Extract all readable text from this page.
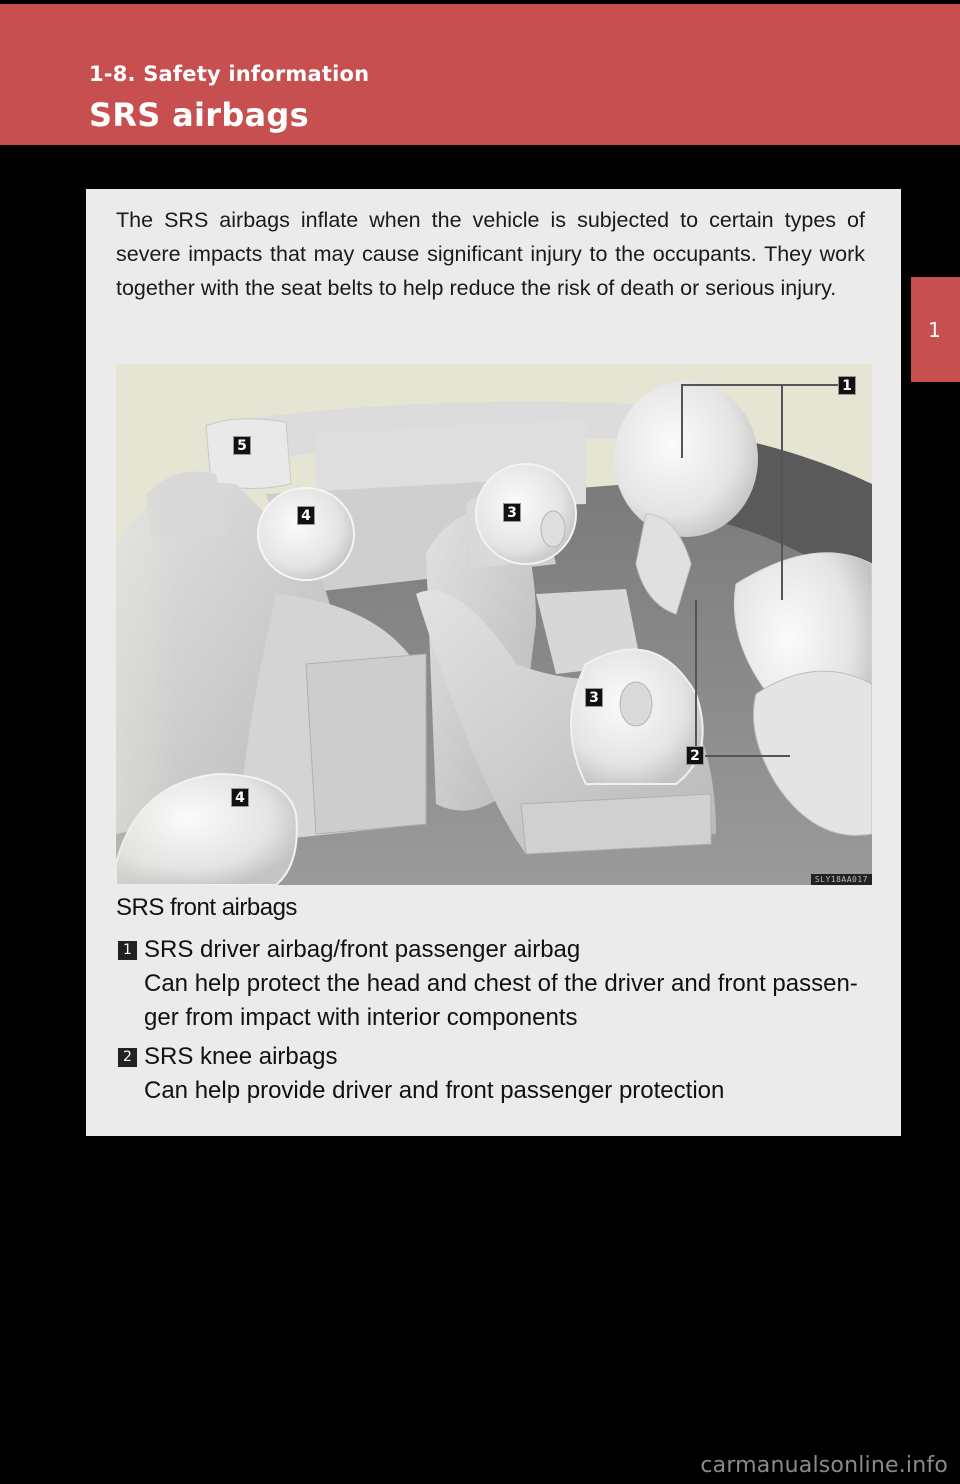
1-8. Safety information
SRS airbags
1

The SRS airbags inflate when the vehicle is subjected to certain types of severe impacts that may cause significant injury to the occupants. They work together with the seat belts to help reduce the risk of death or serious injury.

SLY18AA017
1
5
4	3
3
2
4
SRS front airbags
1 SRS driver airbag/front passenger airbag

Can help protect the head and chest of the driver and front passen-ger from impact with interior components

2 SRS knee airbags

Can help provide driver and front passenger protection

carmanualsonline.info
